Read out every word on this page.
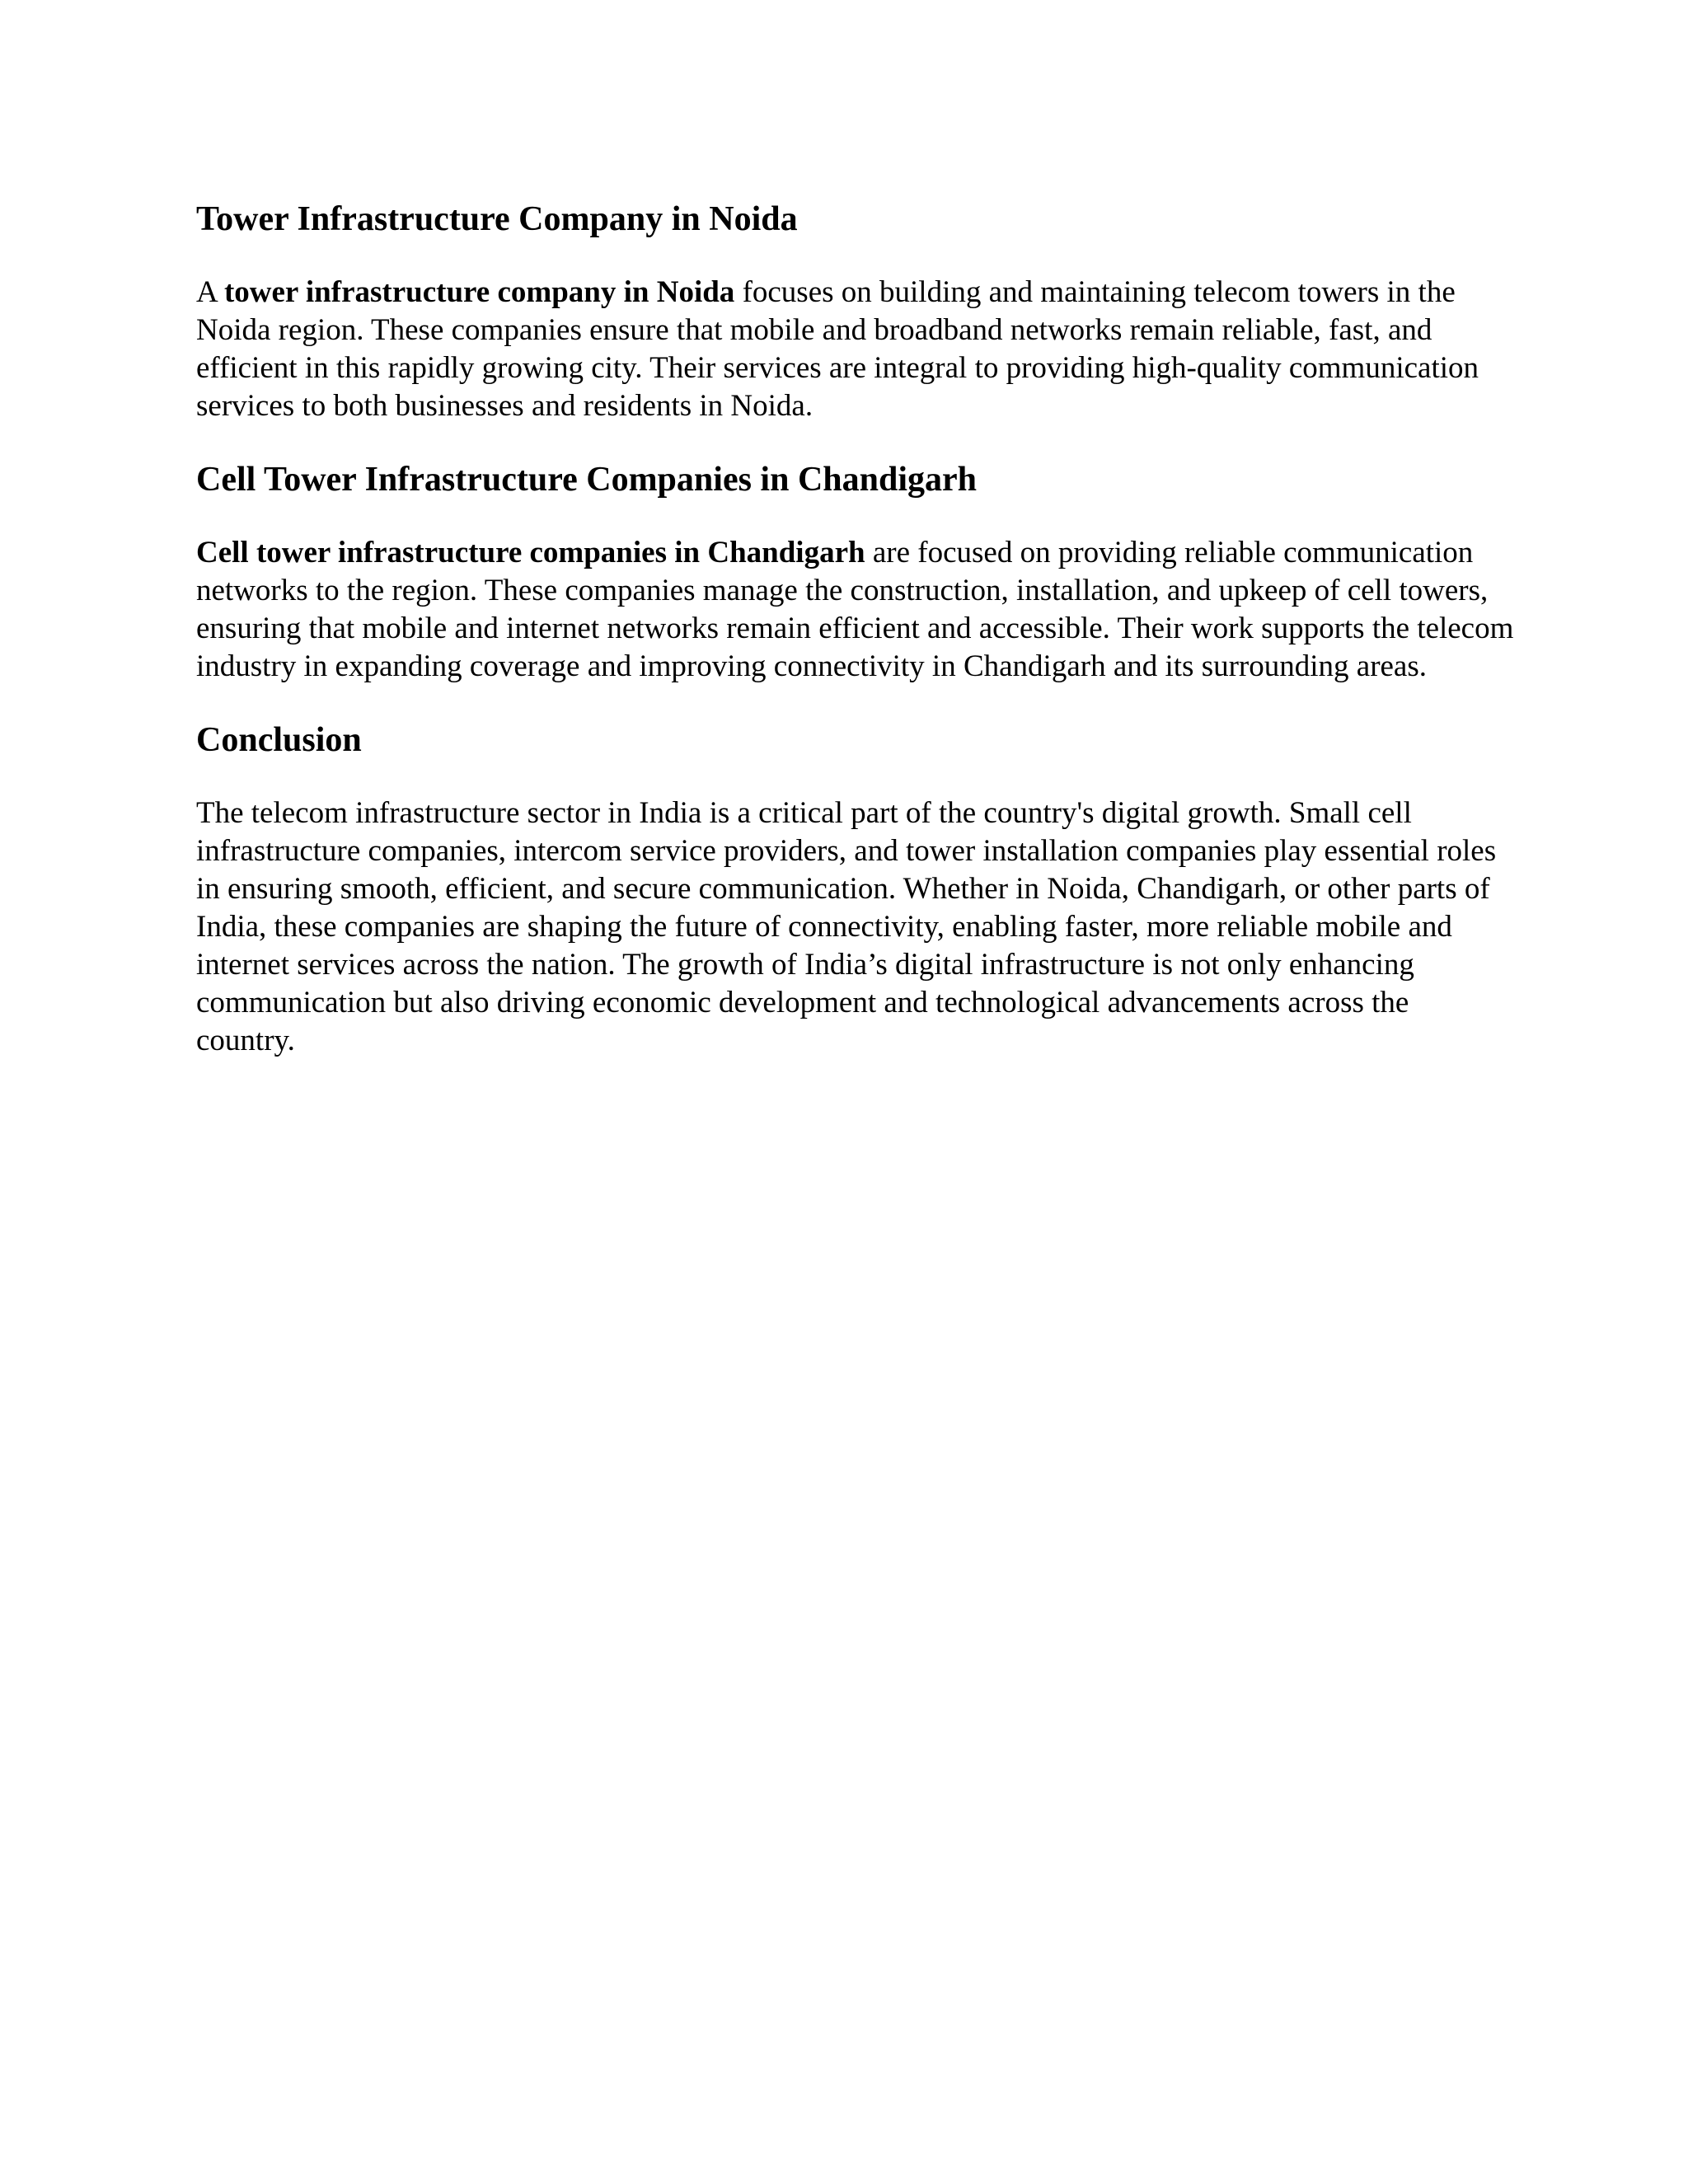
Tower Infrastructure Company in Noida

A tower infrastructure company in Noida focuses on building and maintaining telecom towers in the Noida region. These companies ensure that mobile and broadband networks remain reliable, fast, and efficient in this rapidly growing city. Their services are integral to providing high-quality communication services to both businesses and residents in Noida.

Cell Tower Infrastructure Companies in Chandigarh

Cell tower infrastructure companies in Chandigarh are focused on providing reliable communication networks to the region. These companies manage the construction, installation, and upkeep of cell towers, ensuring that mobile and internet networks remain efficient and accessible. Their work supports the telecom industry in expanding coverage and improving connectivity in Chandigarh and its surrounding areas.

Conclusion

The telecom infrastructure sector in India is a critical part of the country's digital growth. Small cell infrastructure companies, intercom service providers, and tower installation companies play essential roles in ensuring smooth, efficient, and secure communication. Whether in Noida, Chandigarh, or other parts of India, these companies are shaping the future of connectivity, enabling faster, more reliable mobile and internet services across the nation. The growth of India’s digital infrastructure is not only enhancing communication but also driving economic development and technological advancements across the country.
